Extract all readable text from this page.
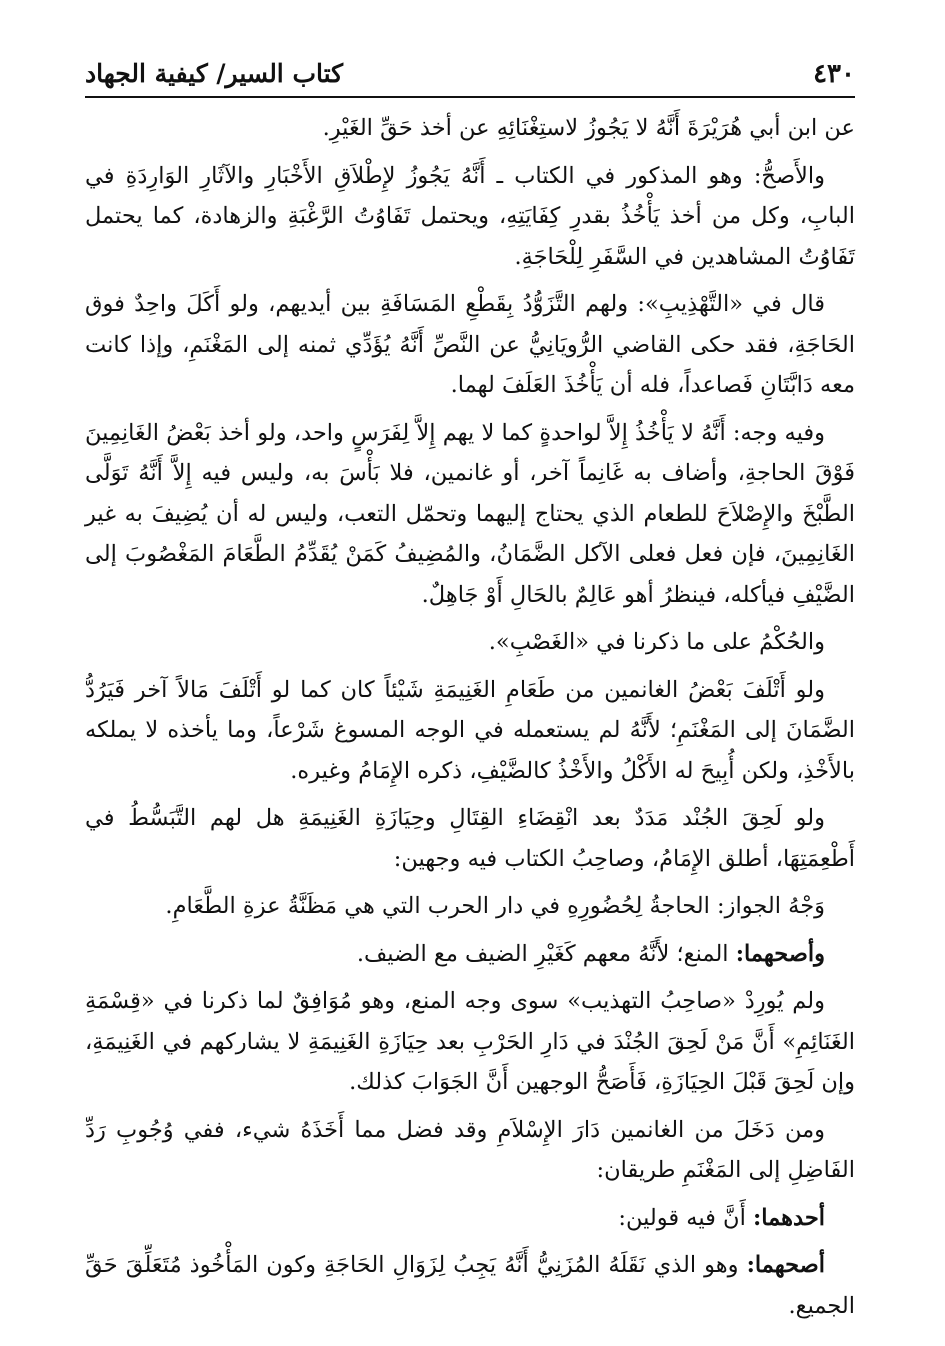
٤٣٠
كتاب السير/ كيفية الجهاد

عن ابن أبي هُرَيْرَةَ أَنَّهُ لا يَجُوزُ لاستِغْنَائِهِ عن أخذ حَقِّ الغَيْرِ.

والأَصحُّ: وهو المذكور في الكتاب ـ أَنَّهُ يَجُوزُ لإِطْلاَقِ الأَخْبَارِ والآثَارِ الوَارِدَةِ في البابِ، وكل من أخذ يَأْخُذُ بقدرِ كِفَايَتِهِ، ويحتمل تَفَاوُتُ الرَّغْبَةِ والزهادة، كما يحتمل تَفَاوُتُ المشاهدين في السَّفَرِ لِلْحَاجَةِ.

قال في «التَّهْذِيبِ»: ولهم التَّزَوُّدُ بِقَطْعِ المَسَافَةِ بين أيديهم، ولو أَكَلَ واحِدٌ فوق الحَاجَةِ، فقد حكى القاضي الرُّويَانِيُّ عن النَّصِّ أَنَّهُ يُؤَدِّي ثمنه إلى المَغْنَمِ، وإذا كانت معه دَابَّتَانِ فَصاعداً، فله أن يَأْخُذَ العَلَفَ لهما.

وفيه وجه: أَنَّهُ لا يَأْخُذُ إِلاَّ لواحدةٍ كما لا يهم إِلاَّ لِفَرَسٍ واحد، ولو أخذ بَعْضُ الغَانِمِينَ فَوْقَ الحاجةِ، وأضاف به غَانِماً آخر، أو غانمين، فلا بَأْسَ به، وليس فيه إِلاَّ أَنَّهُ تَوَلَّى الطَّبْخَ والإِصْلاَحَ للطعام الذي يحتاج إليهما وتحمّل التعب، وليس له أن يُضِيفَ به غير الغَانِمِينَ، فإن فعل فعلى الآكل الضَّمَانُ، والمُضِيفُ كَمَنْ يُقَدِّمُ الطَّعَامَ المَغْصُوبَ إلى الضَّيْفِ فيأكله، فينظرُ أهو عَالِمٌ بالحَالِ أَوْ جَاهِلٌ.

والحُكْمُ على ما ذكرنا في «الغَصْبِ».

ولو أَتْلَفَ بَعْضُ الغانمين من طَعَامِ الغَنِيمَةِ شَيْئاً كان كما لو أَتْلَفَ مَالاً آخر فَيَرُدُّ الضَّمَانَ إلى المَغْنَمِ؛ لأَنَّهُ لم يستعمله في الوجه المسوغ شَرْعاً، وما يأخذه لا يملكه بالأَخْذِ، ولكن أُبِيحَ له الأَكْلُ والأَخْذُ كالضَّيْفِ، ذكره الإِمَامُ وغيره.

ولو لَحِقَ الجُنْد مَدَدٌ بعد انْقِضَاءِ القِتَالِ وحِيَازَةِ الغَنِيمَةِ هل لهم التَّبَسُّطُ في أَطْعِمَتِهَا، أطلق الإِمَامُ، وصاحِبُ الكتاب فيه وجهين:

وَجْهُ الجواز: الحاجةُ لِحُضُورِهِ في دار الحرب التي هي مَظَنَّةُ عزةِ الطَّعَامِ.

وأصحهما: المنع؛ لأَنَّهُ معهم كَغَيْرِ الضيف مع الضيف.

ولم يُورِدْ «صاحِبُ التهذيب» سوى وجه المنع، وهو مُوَافِقٌ لما ذكرنا في «قِسْمَةِ الغَنَائِمِ» أَنَّ مَنْ لَحِقَ الجُنْدَ في دَارِ الحَرْبِ بعد حِيَازَةِ الغَنِيمَةِ لا يشاركهم في الغَنِيمَةِ، وإن لَحِقَ قَبْلَ الحِيَازَةِ، فَأَصَحُّ الوجهين أَنَّ الجَوَابَ كذلك.

ومن دَخَلَ من الغانمين دَارَ الإِسْلاَمِ وقد فضل مما أَخَذَهُ شيء، ففي وُجُوبِ رَدِّ الفَاضِلِ إلى المَغْنَمِ طريقان:

أحدهما: أَنَّ فيه قولين:

أصحهما: وهو الذي نَقَلَهُ المُزَنِيُّ أَنَّهُ يَجِبُ لِزَوَالِ الحَاجَةِ وكون المَأْخُوذ مُتَعَلِّقَ حَقِّ الجميع.
